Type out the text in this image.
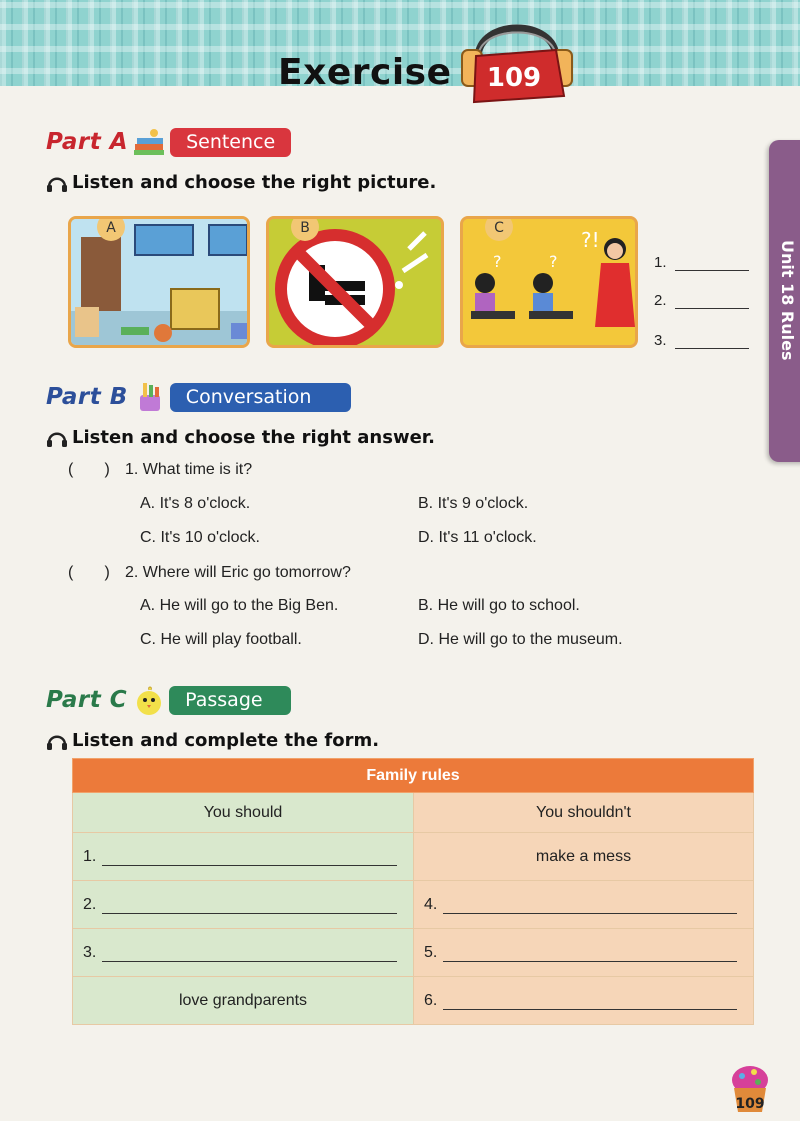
Exercise 109
Unit 18 Rules
Part A	Sentence
Listen and choose the right picture.
A	B	?!
?	?
C
1.
2.
3.
Part B	Conversation
Listen and choose the right answer.
(       ) 1. What time is it?
A. It's 8 o'clock.	B. It's 9 o'clock.
C. It's 10 o'clock.	D. It's 11 o'clock.
(       ) 2. Where will Eric go tomorrow?
A. He will go to the Big Ben.	B. He will go to school.
C. He will play football.	D. He will go to the museum.
Part C	Passage
Listen and complete the form.
Family rules	
You should	You shouldn't

1.	make a mess

2.	4.

3.	5.

love grandparents	6.
109
